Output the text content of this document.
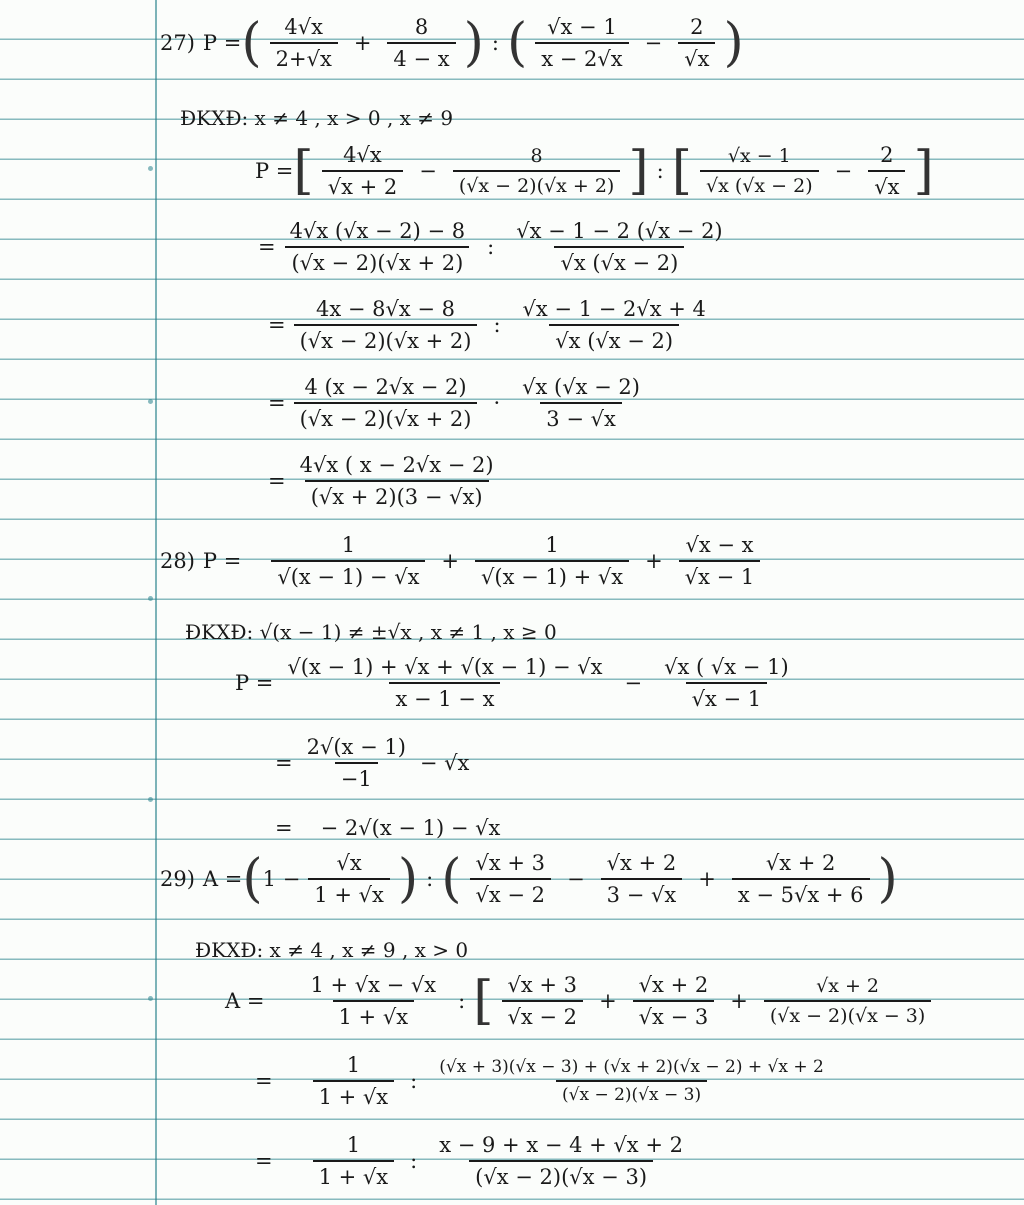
27) P = ( $\frac{4√x}{2+√x} + \frac{8}{4 - x}$ ) : ( $\frac{√x - 1}{x - 2√x} - \frac{2}{√x}$ )
ĐKXĐ: x ≠ 4 , x > 0 , x ≠ 9
P = [ $\frac{4√x}{√x + 2} - \frac{8}{(√x - 2)(√x + 2)}$ ] : [ $\frac{√x - 1}{√x (√x - 2)} - \frac{2}{√x}$ ]
= $\frac{4√x (√x - 2) - 8}{(√x - 2)(√x + 2)}$ : $\frac{√x - 1 - 2 (√x - 2)}{√x (√x - 2)}$
= $\frac{4x - 8√x - 8}{(√x - 2)(√x + 2)}$ : $\frac{√x - 1 - 2√x + 4}{√x (√x - 2)}$
= $\frac{4 (x - 2√x - 2)}{(√x - 2)(√x + 2)} \cdot \frac{√x (√x - 2)}{3 - √x}$
= $\frac{4√x ( x - 2√x - 2)}{(√x + 2)(3 - √x)}$
28) $P = \frac{1}{√(x - 1) - √x} + \frac{1}{√(x - 1) + √x} + \frac{√x - x}{√x - 1}$
ĐKXĐ: √(x − 1) ≠ ±√x , x ≠ 1 , x ≥ 0
$P = \frac{√(x - 1) + √x + √(x - 1) - √x}{x - 1 - x} - \frac{√x ( √x - 1)}{√x - 1}$
= $\frac{2√(x - 1)}{-1} - √x$
= − 2√(x − 1) − √x
29) A = ( $1 - \frac{√x}{1 + √x}$ ) : ( $\frac{√x + 3}{√x - 2} - \frac{√x + 2}{3 - √x} + \frac{√x + 2}{x - 5√x + 6}$ )
ĐKXĐ: x ≠ 4 , x ≠ 9 , x > 0
$A = \frac{1 + √x - √x}{1 + √x}$ : [ $\frac{√x + 3}{√x - 2} + \frac{√x + 2}{√x - 3} + \frac{√x + 2}{(√x - 2)(√x - 3)}$
= $\frac{1}{1 + √x}$ : $\frac{(√x + 3)(√x - 3) + (√x + 2)(√x - 2) + √x + 2}{(√x - 2)(√x - 3)}$
= $\frac{1}{1 + √x}$ : $\frac{x - 9 + x - 4 + √x + 2}{(√x - 2)(√x - 3)}$
